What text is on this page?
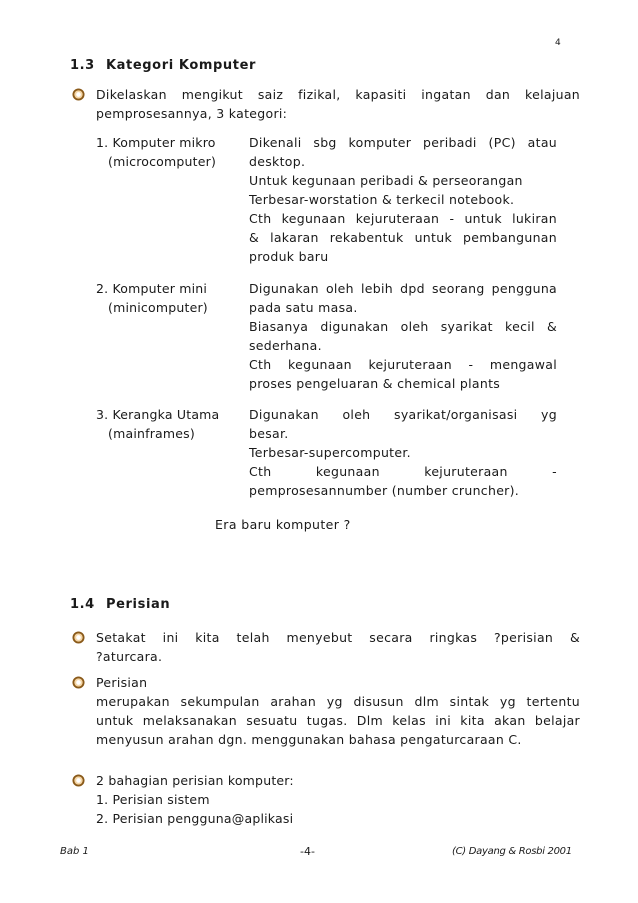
4
1.3 Kategori Komputer
Dikelaskan mengikut saiz fizikal, kapasiti ingatan dan kelajuan
pemprosesannya, 3 kategori:
1. Komputer mikro
(microcomputer)
Dikenali sbg komputer peribadi (PC) atau
desktop.
Untuk kegunaan peribadi & perseorangan
Terbesar-worstation & terkecil notebook.
Cth kegunaan kejuruteraan - untuk lukiran
& lakaran rekabentuk untuk pembangunan
produk baru
2. Komputer mini
(minicomputer)
Digunakan oleh lebih dpd seorang pengguna
pada satu masa.
Biasanya digunakan oleh syarikat kecil &
sederhana.
Cth kegunaan kejuruteraan - mengawal
proses pengeluaran & chemical plants
3. Kerangka Utama
(mainframes)
Digunakan oleh syarikat/organisasi yg
besar.
Terbesar-supercomputer.
Cth kegunaan kejuruteraan -
pemprosesannumber (number cruncher).
Era baru komputer ?
1.4 Perisian
Setakat ini kita telah menyebut secara ringkas ?perisian &
?aturcara.
Perisian
merupakan sekumpulan arahan yg disusun dlm sintak yg tertentu
untuk melaksanakan sesuatu tugas. Dlm kelas ini kita akan belajar
menyusun arahan dgn. menggunakan bahasa pengaturcaraan C.
2 bahagian perisian komputer:
1. Perisian sistem
2. Perisian pengguna@aplikasi
Bab 1	-4-	(C) Dayang & Rosbi 2001
